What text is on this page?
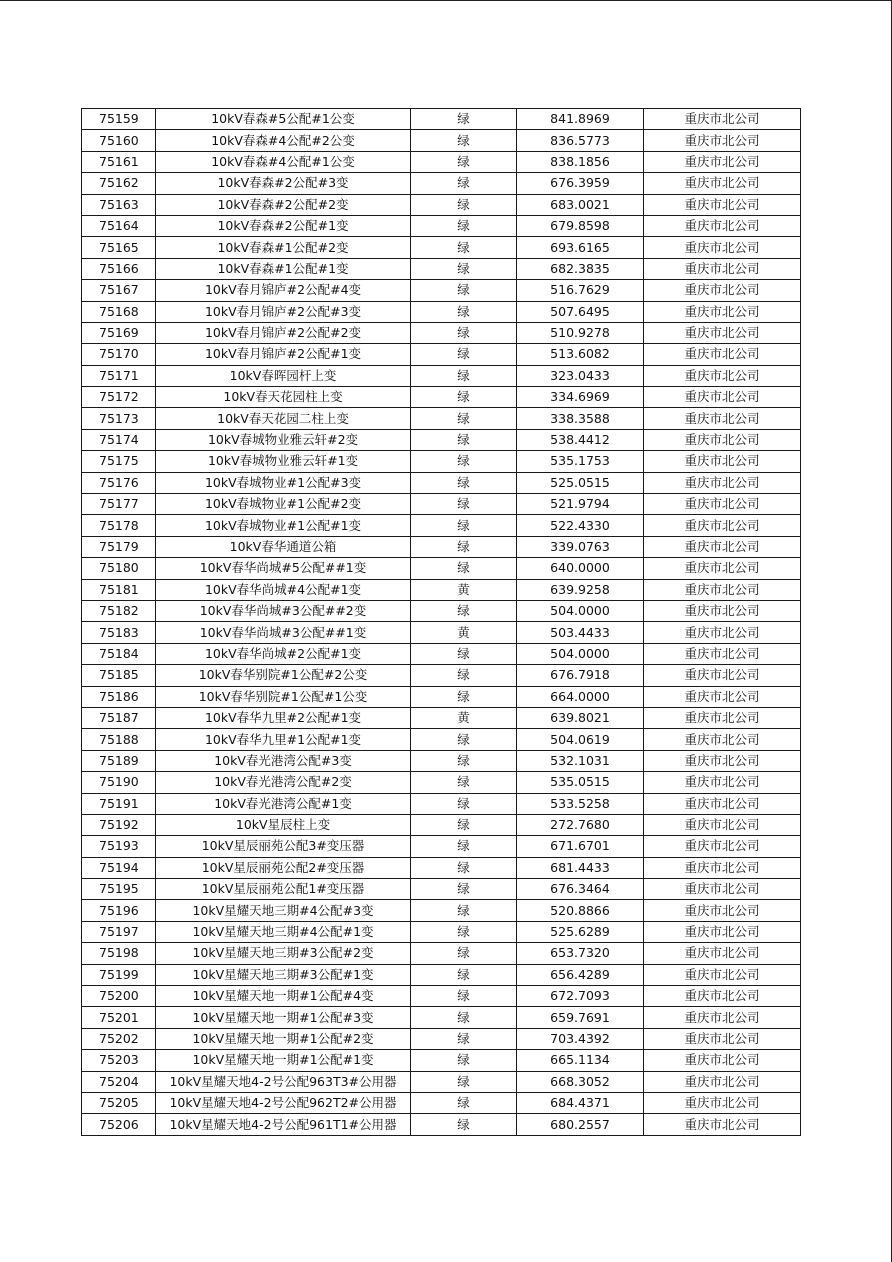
75159	10kV春森#5公配#1公变	绿	841.8969	重庆市北公司
75160	10kV春森#4公配#2公变	绿	836.5773	重庆市北公司
75161	10kV春森#4公配#1公变	绿	838.1856	重庆市北公司
75162	10kV春森#2公配#3变	绿	676.3959	重庆市北公司
75163	10kV春森#2公配#2变	绿	683.0021	重庆市北公司
75164	10kV春森#2公配#1变	绿	679.8598	重庆市北公司
75165	10kV春森#1公配#2变	绿	693.6165	重庆市北公司
75166	10kV春森#1公配#1变	绿	682.3835	重庆市北公司
75167	10kV春月锦庐#2公配#4变	绿	516.7629	重庆市北公司
75168	10kV春月锦庐#2公配#3变	绿	507.6495	重庆市北公司
75169	10kV春月锦庐#2公配#2变	绿	510.9278	重庆市北公司
75170	10kV春月锦庐#2公配#1变	绿	513.6082	重庆市北公司
75171	10kV春晖园杆上变	绿	323.0433	重庆市北公司
75172	10kV春天花园柱上变	绿	334.6969	重庆市北公司
75173	10kV春天花园二柱上变	绿	338.3588	重庆市北公司
75174	10kV春城物业雅云轩#2变	绿	538.4412	重庆市北公司
75175	10kV春城物业雅云轩#1变	绿	535.1753	重庆市北公司
75176	10kV春城物业#1公配#3变	绿	525.0515	重庆市北公司
75177	10kV春城物业#1公配#2变	绿	521.9794	重庆市北公司
75178	10kV春城物业#1公配#1变	绿	522.4330	重庆市北公司
75179	10kV春华通道公箱	绿	339.0763	重庆市北公司
75180	10kV春华尚城#5公配##1变	绿	640.0000	重庆市北公司
75181	10kV春华尚城#4公配#1变	黄	639.9258	重庆市北公司
75182	10kV春华尚城#3公配##2变	绿	504.0000	重庆市北公司
75183	10kV春华尚城#3公配##1变	黄	503.4433	重庆市北公司
75184	10kV春华尚城#2公配#1变	绿	504.0000	重庆市北公司
75185	10kV春华别院#1公配#2公变	绿	676.7918	重庆市北公司
75186	10kV春华别院#1公配#1公变	绿	664.0000	重庆市北公司
75187	10kV春华九里#2公配#1变	黄	639.8021	重庆市北公司
75188	10kV春华九里#1公配#1变	绿	504.0619	重庆市北公司
75189	10kV春光港湾公配#3变	绿	532.1031	重庆市北公司
75190	10kV春光港湾公配#2变	绿	535.0515	重庆市北公司
75191	10kV春光港湾公配#1变	绿	533.5258	重庆市北公司
75192	10kV星辰柱上变	绿	272.7680	重庆市北公司
75193	10kV星辰丽苑公配3#变压器	绿	671.6701	重庆市北公司
75194	10kV星辰丽苑公配2#变压器	绿	681.4433	重庆市北公司
75195	10kV星辰丽苑公配1#变压器	绿	676.3464	重庆市北公司
75196	10kV星耀天地三期#4公配#3变	绿	520.8866	重庆市北公司
75197	10kV星耀天地三期#4公配#1变	绿	525.6289	重庆市北公司
75198	10kV星耀天地三期#3公配#2变	绿	653.7320	重庆市北公司
75199	10kV星耀天地三期#3公配#1变	绿	656.4289	重庆市北公司
75200	10kV星耀天地一期#1公配#4变	绿	672.7093	重庆市北公司
75201	10kV星耀天地一期#1公配#3变	绿	659.7691	重庆市北公司
75202	10kV星耀天地一期#1公配#2变	绿	703.4392	重庆市北公司
75203	10kV星耀天地一期#1公配#1变	绿	665.1134	重庆市北公司
75204	10kV星耀天地4-2号公配963T3#公用器	绿	668.3052	重庆市北公司
75205	10kV星耀天地4-2号公配962T2#公用器	绿	684.4371	重庆市北公司
75206	10kV星耀天地4-2号公配961T1#公用器	绿	680.2557	重庆市北公司
